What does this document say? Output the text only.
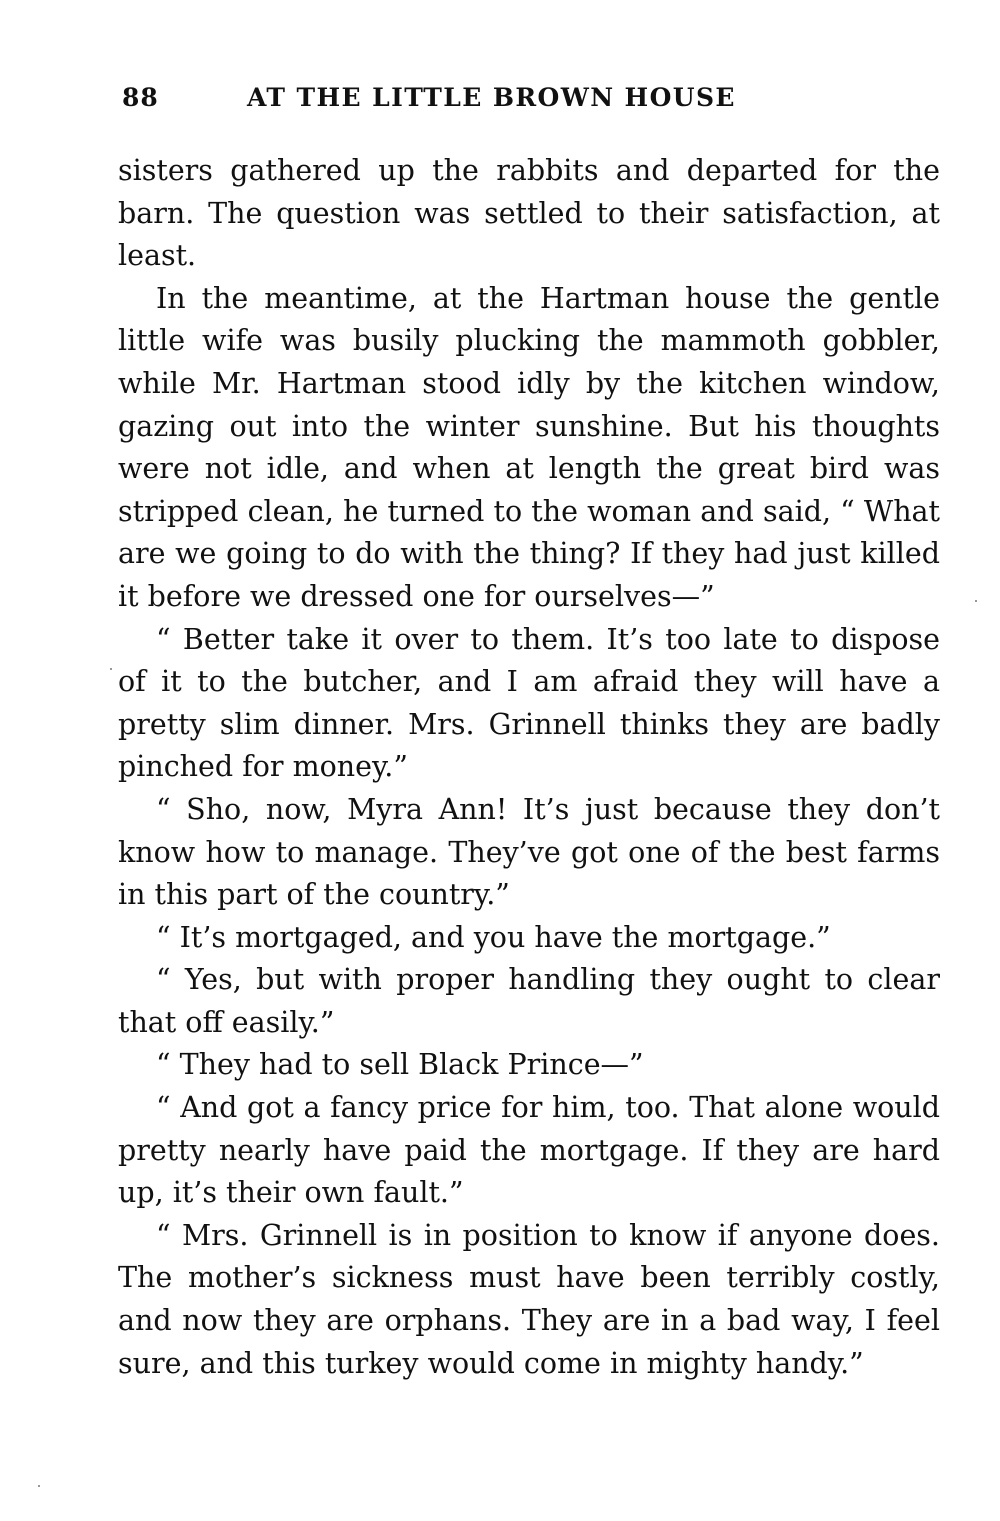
88	AT THE LITTLE BROWN HOUSE

sisters gathered up the rabbits and departed for the barn. The question was settled to their satisfaction, at least.

In the meantime, at the Hartman house the gentle little wife was busily plucking the mammoth gobbler, while Mr. Hartman stood idly by the kitchen window, gazing out into the winter sunshine. But his thoughts were not idle, and when at length the great bird was stripped clean, he turned to the woman and said, “ What are we going to do with the thing? If they had just killed it before we dressed one for ourselves—”

“ Better take it over to them. It’s too late to dispose of it to the butcher, and I am afraid they will have a pretty slim dinner. Mrs. Grinnell thinks they are badly pinched for money.”

“ Sho, now, Myra Ann! It’s just because they don’t know how to manage. They’ve got one of the best farms in this part of the country.”

“ It’s mortgaged, and you have the mortgage.”

“ Yes, but with proper handling they ought to clear that off easily.”

“ They had to sell Black Prince—”

“ And got a fancy price for him, too. That alone would pretty nearly have paid the mortgage. If they are hard up, it’s their own fault.”

“ Mrs. Grinnell is in position to know if anyone does. The mother’s sickness must have been terribly costly, and now they are orphans. They are in a bad way, I feel sure, and this turkey would come in mighty handy.”
